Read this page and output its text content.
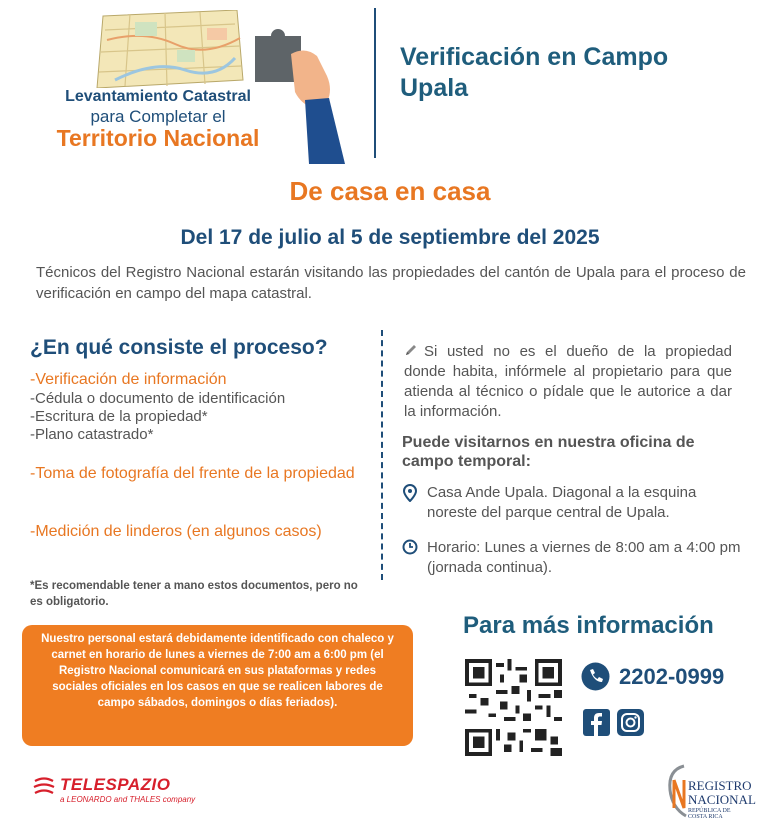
Levantamiento Catastral
para Completar el
Territorio Nacional
Verificación en Campo
Upala
De casa en casa
Del 17 de julio al 5 de septiembre del 2025
Técnicos del Registro Nacional estarán visitando las propiedades del cantón de Upala para el proceso de verificación en campo del mapa catastral.
¿En qué consiste el proceso?
-Verificación de información
-Cédula o documento de identificación
-Escritura de la propiedad*
-Plano catastrado*
-Toma de fotografía del frente de la propiedad
-Medición de linderos (en algunos casos)
*Es recomendable tener a mano estos documentos, pero no es obligatorio.
Nuestro personal estará debidamente identificado con chaleco y carnet en horario de lunes a viernes de 7:00 am a 6:00 pm (el Registro Nacional comunicará en sus plataformas y redes sociales oficiales en los casos en que se realicen labores de campo sábados, domingos o días feriados).
Si usted no es el dueño de la propiedad donde habita, infórmele al propietario para que atienda al técnico o pídale que le autorice a dar la información.
Puede visitarnos en nuestra oficina de campo temporal:
Casa Ande Upala. Diagonal a la esquina noreste del parque central de Upala.
Horario: Lunes a viernes de 8:00 am a 4:00 pm (jornada continua).
Para más información
2202-0999
TELESPAZIO
a LEONARDO and THALES company
REGISTRO
NACIONAL
REPÚBLICA DE
COSTA RICA
